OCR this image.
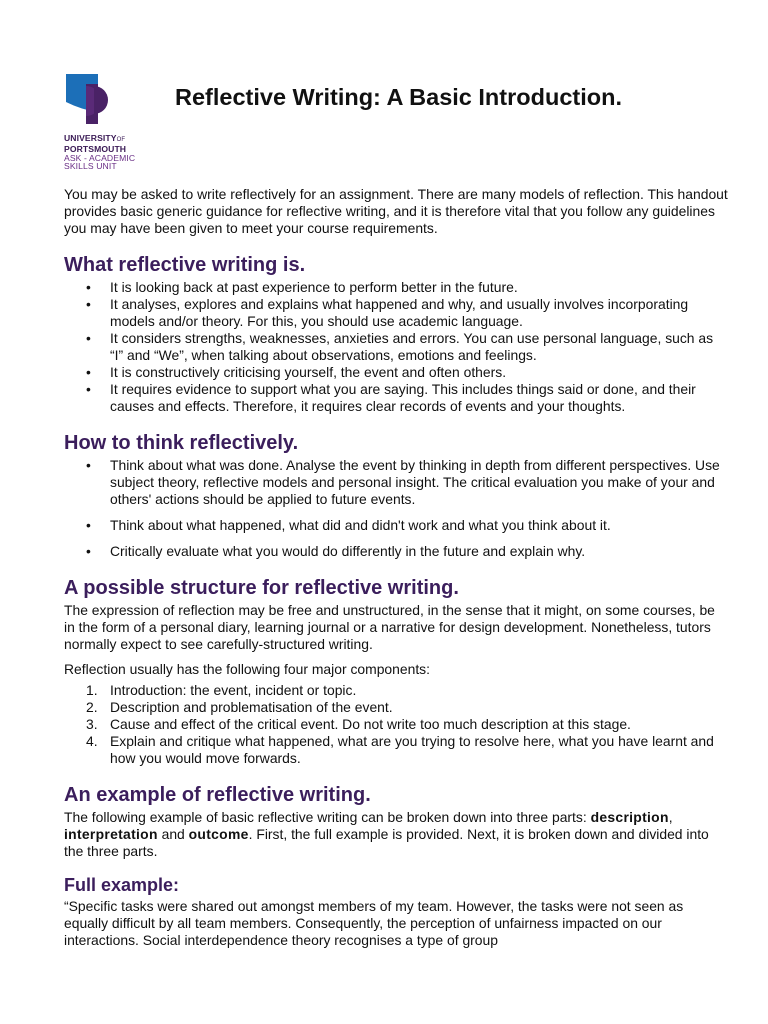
UNIVERSITYOF
PORTSMOUTH
ASK - ACADEMIC
SKILLS UNIT
Reflective Writing: A Basic Introduction.

You may be asked to write reflectively for an assignment. There are many models of reflection. This handout provides basic generic guidance for reflective writing, and it is therefore vital that you follow any guidelines you may have been given to meet your course requirements.

What reflective writing is.
• It is looking back at past experience to perform better in the future.
• It analyses, explores and explains what happened and why, and usually involves incorporating models and/or theory. For this, you should use academic language.
• It considers strengths, weaknesses, anxieties and errors. You can use personal language, such as “I” and “We”, when talking about observations, emotions and feelings.
• It is constructively criticising yourself, the event and often others.
• It requires evidence to support what you are saying. This includes things said or done, and their causes and effects. Therefore, it requires clear records of events and your thoughts.
How to think reflectively.
• Think about what was done. Analyse the event by thinking in depth from different perspectives. Use subject theory, reflective models and personal insight. The critical evaluation you make of your and others' actions should be applied to future events.
• Think about what happened, what did and didn't work and what you think about it.
• Critically evaluate what you would do differently in the future and explain why.
A possible structure for reflective writing.

The expression of reflection may be free and unstructured, in the sense that it might, on some courses, be in the form of a personal diary, learning journal or a narrative for design development. Nonetheless, tutors normally expect to see carefully-structured writing.

Reflection usually has the following four major components:

1. Introduction: the event, incident or topic.
2. Description and problematisation of the event.
3. Cause and effect of the critical event. Do not write too much description at this stage.
4. Explain and critique what happened, what are you trying to resolve here, what you have learnt and how you would move forwards.
An example of reflective writing.

The following example of basic reflective writing can be broken down into three parts: description, interpretation and outcome. First, the full example is provided. Next, it is broken down and divided into the three parts.

Full example:

“Specific tasks were shared out amongst members of my team. However, the tasks were not seen as equally difficult by all team members. Consequently, the perception of unfairness impacted on our interactions. Social interdependence theory recognises a type of group
